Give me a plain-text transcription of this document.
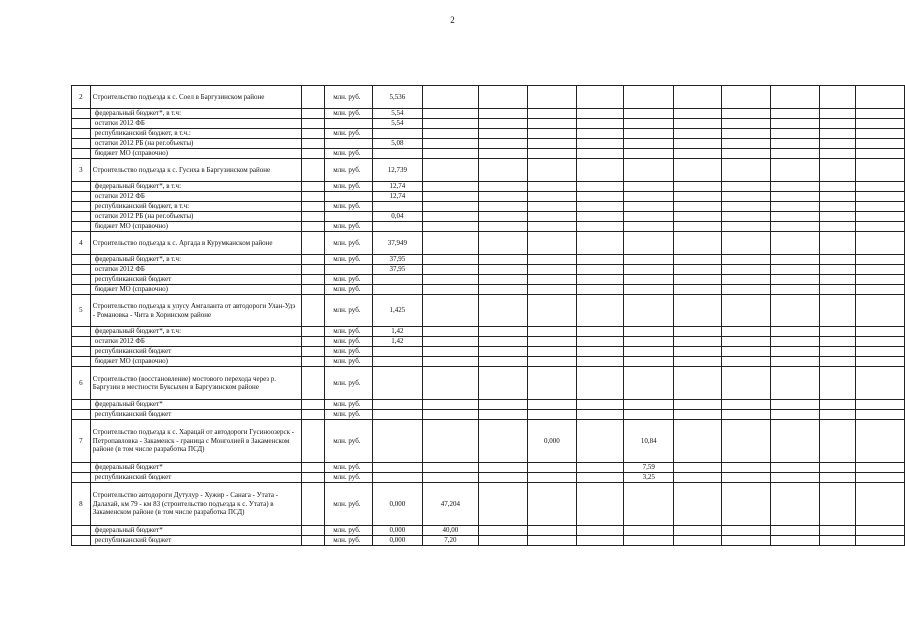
2
2	Строительство подъезда к с. Соел в Баргузинском районе		млн. руб.	5,536										
	федеральный бюджет*, в т.ч:		млн. руб.	5,54										
	остатки 2012 ФБ			5,54										
	республиканский бюджет, в т.ч.:		млн. руб.											
	остатки 2012 РБ (на рег.объекты)			5,08										
	бюджет МО (справочно)		млн. руб.											
3	Строительство подъезда к с. Гусиха в Баргузинском районе		млн. руб.	12,739										
	федеральный бюджет*, в т.ч:		млн. руб.	12,74										
	остатки 2012 ФБ			12,74										
	республиканский бюджет, в т.ч:		млн. руб.											
	остатки 2012 РБ (на рег.объекты)			0,04										
	бюджет МО (справочно)		млн. руб.											
4	Строительство подъезда к с. Аргада в Курумканском районе		млн. руб.	37,949										
	федеральный бюджет*, в т.ч:		млн. руб.	37,95										
	остатки 2012 ФБ			37,95										
	республиканский бюджет		млн. руб.											
	бюджет МО (справочно)		млн. руб.											
5	Строительство подъезда к улусу Амгаланта от автодороги Улан-Удэ - Романовка - Чита в Хоринском районе		млн. руб.	1,425										
	федеральный бюджет*, в т.ч:		млн. руб.	1,42										
	остатки 2012 ФБ		млн. руб.	1,42										
	республиканский бюджет		млн. руб.											
	бюджет МО (справочно)		млн. руб.											
6	Строительство (восстановление) мостового перехода через р. Баргузин в местности Буксыхен в Баргузинском районе		млн. руб.											
	федеральный бюджет*		млн. руб.											
	республиканский бюджет		млн. руб.											
7	Строительство подъезда к с. Харацай от автодороги Гусиноозерск - Петропавловка - Закаменск - граница с Монголией в Закаменском районе (в том числе разработка ПСД)		млн. руб.				0,000		10,84					
	федеральный бюджет*		млн. руб.						7,59					
	республиканский бюджет		млн. руб.						3,25					
8	Строительство автодороги Дутулур - Хужир - Санага - Утата - Далахай, км 79 - км 83 (строительство подъезда к с. Утата) в Закаменском районе (в том числе разработка ПСД)		млн. руб.	0,000	47,204									
	федеральный бюджет*		млн. руб.	0,000	40,00									
	республиканский бюджет		млн. руб.	0,000	7,20									
